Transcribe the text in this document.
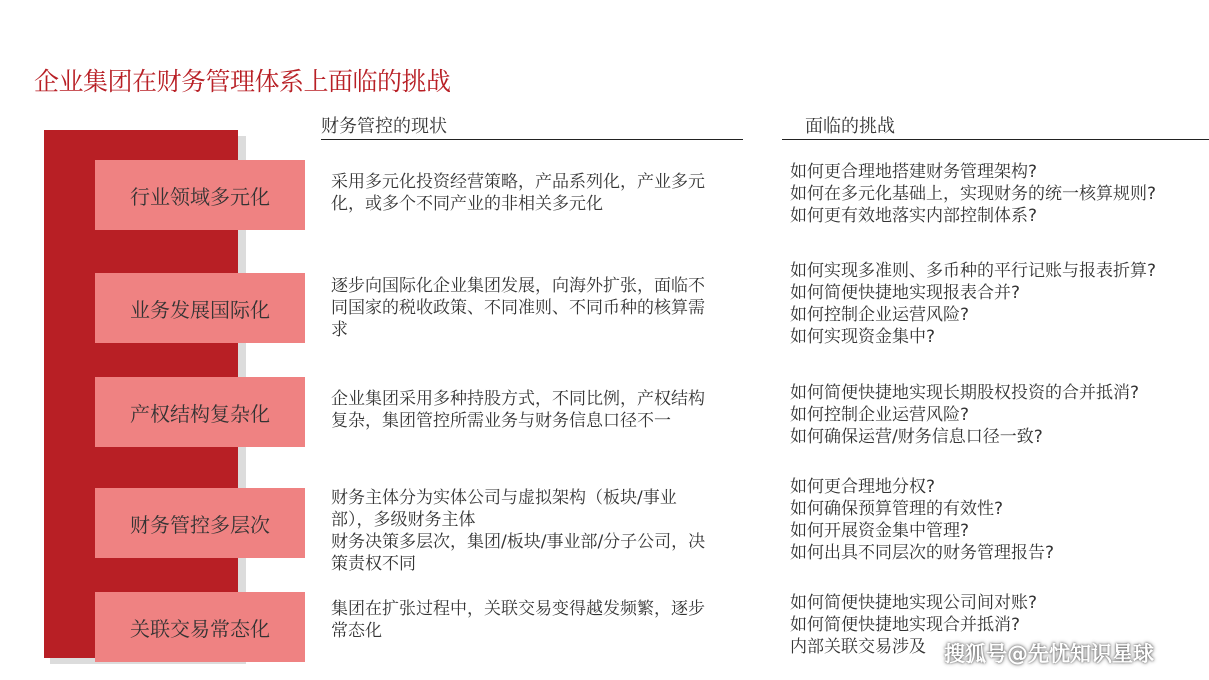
企业集团在财务管理体系上面临的挑战
财务管控的现状	面临的挑战
行业领域多元化
采用多元化投资经营策略，产品系列化，产业多元
化，或多个不同产业的非相关多元化
如何更合理地搭建财务管理架构?
如何在多元化基础上，实现财务的统一核算规则?
如何更有效地落实内部控制体系?
业务发展国际化
逐步向国际化企业集团发展，向海外扩张，面临不
同国家的税收政策、不同准则、不同币种的核算需
求
如何实现多准则、多币种的平行记账与报表折算?
如何简便快捷地实现报表合并?
如何控制企业运营风险?
如何实现资金集中?
产权结构复杂化
企业集团采用多种持股方式，不同比例，产权结构
复杂，集团管控所需业务与财务信息口径不一
如何简便快捷地实现长期股权投资的合并抵消?
如何控制企业运营风险?
如何确保运营/财务信息口径一致?
财务管控多层次
财务主体分为实体公司与虚拟架构（板块/事业
部），多级财务主体
财务决策多层次，集团/板块/事业部/分子公司，决
策责权不同
如何更合理地分权?
如何确保预算管理的有效性?
如何开展资金集中管理?
如何出具不同层次的财务管理报告?
关联交易常态化
集团在扩张过程中，关联交易变得越发频繁，逐步
常态化
如何简便快捷地实现公司间对账?
如何简便快捷地实现合并抵消?
内部关联交易涉及 搜狐号@先忧知识星球
